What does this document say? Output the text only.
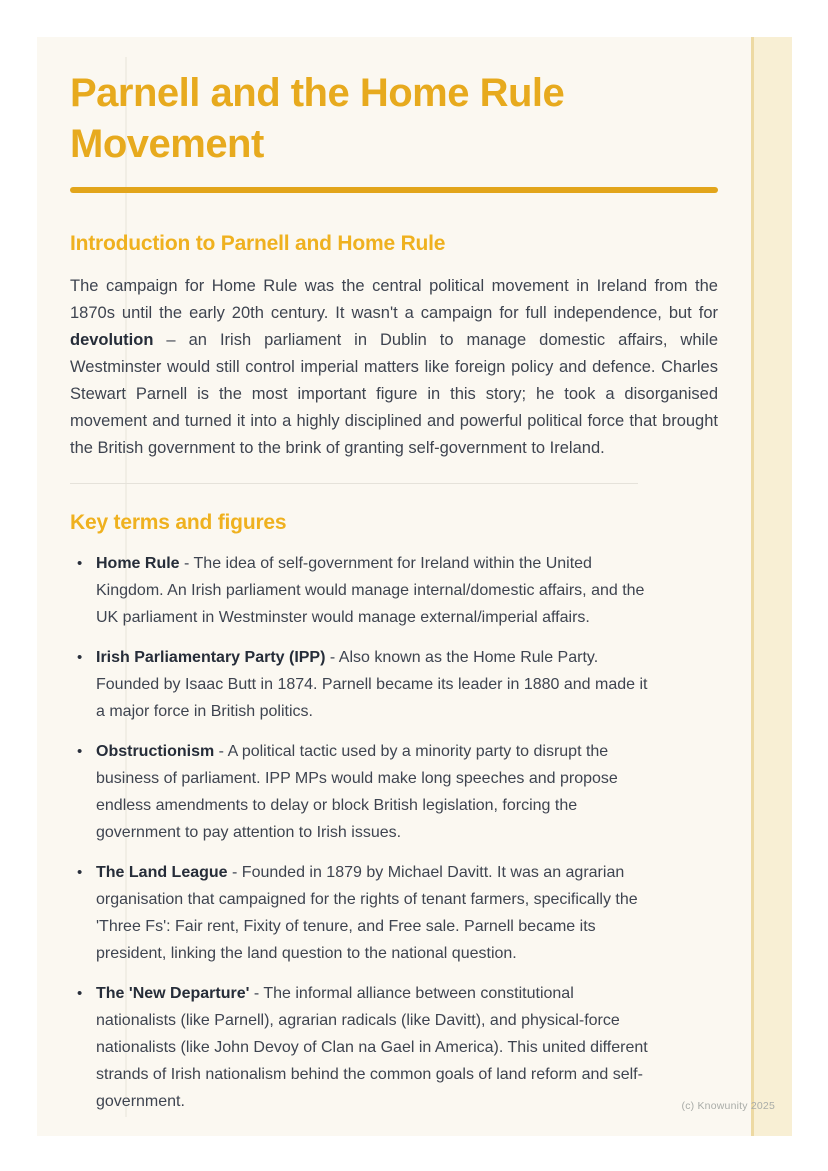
Parnell and the Home Rule Movement
Introduction to Parnell and Home Rule

The campaign for Home Rule was the central political movement in Ireland from the 1870s until the early 20th century. It wasn't a campaign for full independence, but for devolution – an Irish parliament in Dublin to manage domestic affairs, while Westminster would still control imperial matters like foreign policy and defence. Charles Stewart Parnell is the most important figure in this story; he took a disorganised movement and turned it into a highly disciplined and powerful political force that brought the British government to the brink of granting self-government to Ireland.

Key terms and figures
• Home Rule - The idea of self-government for Ireland within the United Kingdom. An Irish parliament would manage internal/domestic affairs, and the UK parliament in Westminster would manage external/imperial affairs.
• Irish Parliamentary Party (IPP) - Also known as the Home Rule Party. Founded by Isaac Butt in 1874. Parnell became its leader in 1880 and made it a major force in British politics.
• Obstructionism - A political tactic used by a minority party to disrupt the business of parliament. IPP MPs would make long speeches and propose endless amendments to delay or block British legislation, forcing the government to pay attention to Irish issues.
• The Land League - Founded in 1879 by Michael Davitt. It was an agrarian organisation that campaigned for the rights of tenant farmers, specifically the 'Three Fs': Fair rent, Fixity of tenure, and Free sale. Parnell became its president, linking the land question to the national question.
• The 'New Departure' - The informal alliance between constitutional nationalists (like Parnell), agrarian radicals (like Davitt), and physical-force nationalists (like John Devoy of Clan na Gael in America). This united different strands of Irish nationalism behind the common goals of land reform and self-government.	(c) Knowunity 2025
